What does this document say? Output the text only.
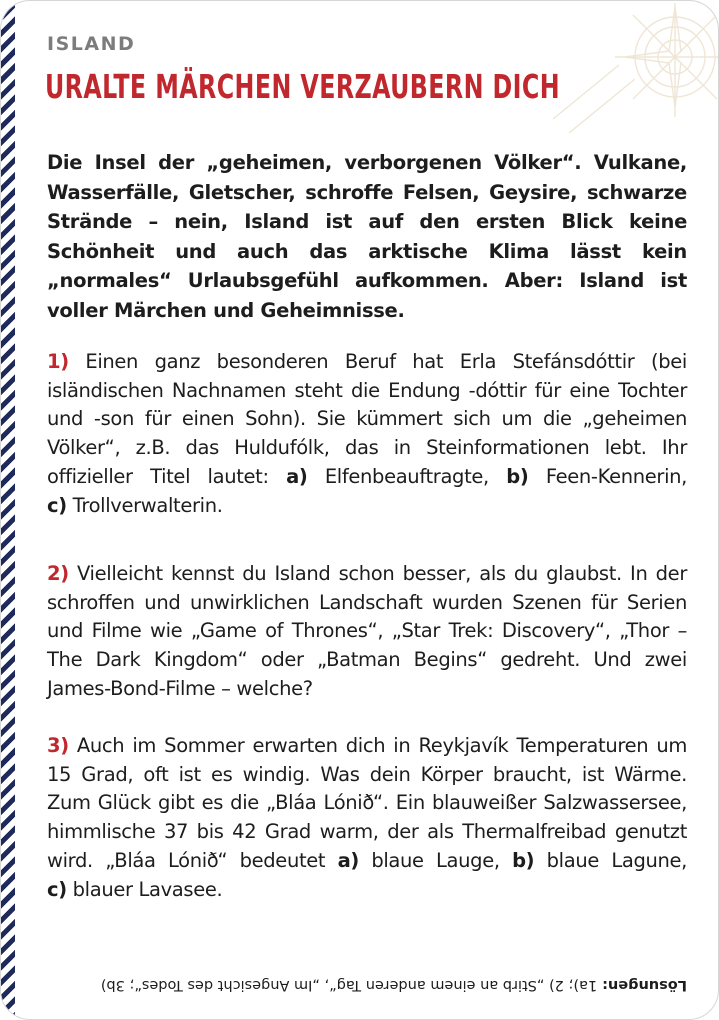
ISLAND
URALTE MÄRCHEN VERZAUBERN DICH
Die Insel der „geheimen, verborgenen Völker“. Vulkane, Wasserfälle, Gletscher, schroffe Felsen, Geysire, schwarze Strände – nein, Island ist auf den ersten Blick keine Schönheit und auch das arktische Klima lässt kein „normales“ Urlaubsgefühl aufkommen. Aber: Island ist voller Märchen und Geheimnisse.
1) Einen ganz besonderen Beruf hat Erla Stefánsdóttir (bei isländischen Nachnamen steht die Endung -dóttir für eine Tochter und -son für einen Sohn). Sie kümmert sich um die „geheimen Völker“, z.B. das Huldufólk, das in Steinformationen lebt. Ihr offizieller Titel lautet: a) Elfenbeauftragte, b) Feen-Kennerin, c) Trollverwalterin.
2) Vielleicht kennst du Island schon besser, als du glaubst. In der schroffen und unwirklichen Landschaft wurden Szenen für Serien und Filme wie „Game of Thrones“, „Star Trek: Discovery“, „Thor – The Dark Kingdom“ oder „Batman Begins“ gedreht. Und zwei James-Bond-Filme – welche?
3) Auch im Sommer erwarten dich in Reykjavík Temperaturen um 15 Grad, oft ist es windig. Was dein Körper braucht, ist Wärme. Zum Glück gibt es die „Bláa Lónið“. Ein blauweißer Salzwassersee, himmlische 37 bis 42 Grad warm, der als Thermalfreibad genutzt wird. „Bláa Lónið“ bedeutet a) blaue Lauge, b) blaue Lagune, c) blauer Lavasee.
Lösungen:
1a); 2) „Stirb an einem anderen Tag“, „Im Angesicht des Todes“; 3b)
